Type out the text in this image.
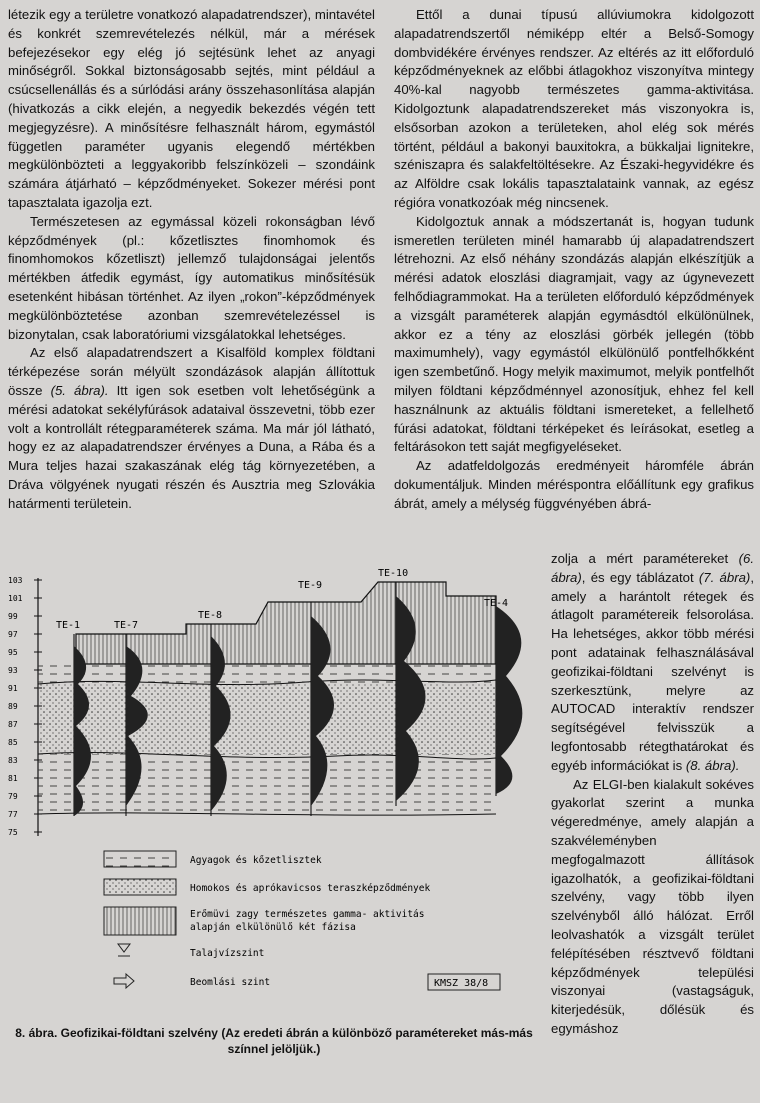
létezik egy a területre vonatkozó alapadatrendszer), mintavétel és konkrét szemrevételezés nélkül, már a mérések befejezésekor egy elég jó sejtésünk lehet az anyagi minőségről. Sokkal biztonságosabb sejtés, mint például a csúcsellenállás és a súrlódási arány összehasonlítása alapján (hivatkozás a cikk elején, a negyedik bekezdés végén tett megjegyzésre). A minősítésre felhasznált három, egymástól független paraméter ugyanis elegendő mértékben megkülönbözteti a leggyakoribb felszínközeli – szondáink számára átjárható – képződményeket. Sokezer mérési pont tapasztalata igazolja ezt.

Természetesen az egymással közeli rokonságban lévő képződmények (pl.: kőzetlisztes finomhomok és finomhomokos kőzetliszt) jellemző tulajdonságai jelentős mértékben átfedik egymást, így automatikus minősítésük esetenként hibásan történhet. Az ilyen „rokon”-képződmények megkülönböztetése azonban szemrevételezéssel is bizonytalan, csak laboratóriumi vizsgálatokkal lehetséges.

Az első alapadatrendszert a Kisalföld komplex földtani térképezése során mélyült szondázások alapján állítottuk össze (5. ábra). Itt igen sok esetben volt lehetőségünk a mérési adatokat sekélyfúrások adataival összevetni, több ezer volt a kontrollált rétegparaméterek száma. Ma már jól látható, hogy ez az alapadatrendszer érvényes a Duna, a Rába és a Mura teljes hazai szakaszának elég tág környezetében, a Dráva völgyének nyugati részén és Ausztria meg Szlovákia határmenti területein.

Ettől a dunai típusú allúviumokra kidolgozott alapadatrendszertől némiképp eltér a Belső-Somogy dombvidékére érvényes rendszer. Az eltérés az itt előforduló képződményeknek az előbbi átlagokhoz viszonyítva mintegy 40%-kal nagyobb természetes gamma-aktivitása. Kidolgoztunk alapadatrendszereket más viszonyokra is, elsősorban azokon a területeken, ahol elég sok mérés történt, például a bakonyi bauxitokra, a bükkaljai lignitekre, széniszapra és salakfeltöltésekre. Az Északi-hegyvidékre és az Alföldre csak lokális tapasztalataink vannak, az egész régióra vonatkozóak még nincsenek.

Kidolgoztuk annak a módszertanát is, hogyan tudunk ismeretlen területen minél hamarabb új alapadatrendszert létrehozni. Az első néhány szondázás alapján elkészítjük a mérési adatok eloszlási diagramjait, vagy az úgynevezett felhődiagrammokat. Ha a területen előforduló képződmények a vizsgált paraméterek alapján egymásdtól elkülönülnek, akkor ez a tény az eloszlási görbék jellegén (több maximumhely), vagy egymástól elkülönülő pontfelhőkként igen szembetűnő. Hogy melyik maximumot, melyik pontfelhőt milyen földtani képződménnyel azonosítjuk, ehhez fel kell használnunk az aktuális földtani ismereteket, a fellelhető fúrási adatokat, földtani térképeket és leírásokat, esetleg a feltárásokon tett saját megfigyeléseket.

Az adatfeldolgozás eredményeit háromféle ábrán dokumentáljuk. Minden méréspontra előállítunk egy grafikus ábrát, amely a mélység függvényében ábrá-

zolja a mért paramétereket (6. ábra), és egy táblázatot (7. ábra), amely a harántolt rétegek és átlagolt paramétereik felsorolása. Ha lehetséges, akkor több mérési pont adatainak felhasználásával geofizikai-földtani szelvényt is szerkesztünk, melyre az AUTOCAD interaktív rendszer segítségével felvisszük a legfontosabb rétegthatárokat és egyéb információkat is (8. ábra).

Az ELGI-ben kialakult sokéves gyakorlat szerint a munka végeredménye, amely alapján a szakvéleményben megfogalmazott állítások igazolhatók, a geofizikai-földtani szelvény, vagy több ilyen szelvényből álló hálózat. Erről leolvashatók a vizsgált terület felépítésében résztvevő földtani képződmények települési viszonyai (vastagságuk, kiterjedésük, dőlésük és egymáshoz

103
101
99
97
95
93
91
89
87
85
83
81
79
77
75
TE-1	TE-7
TE-8
TE-9
TE-10
TE-4
Agyagok és kőzetlisztek
Homokos és aprókavicsos teraszképződmények
Erőmüvi zagy természetes gamma- aktivitás
alapján elkülönülő két fázisa
Talajvízszint
Beomlási szint	KMSZ 38/8
8. ábra. Geofizikai-földtani szelvény (Az eredeti ábrán a különböző paramétereket más-más színnel jelöljük.)
